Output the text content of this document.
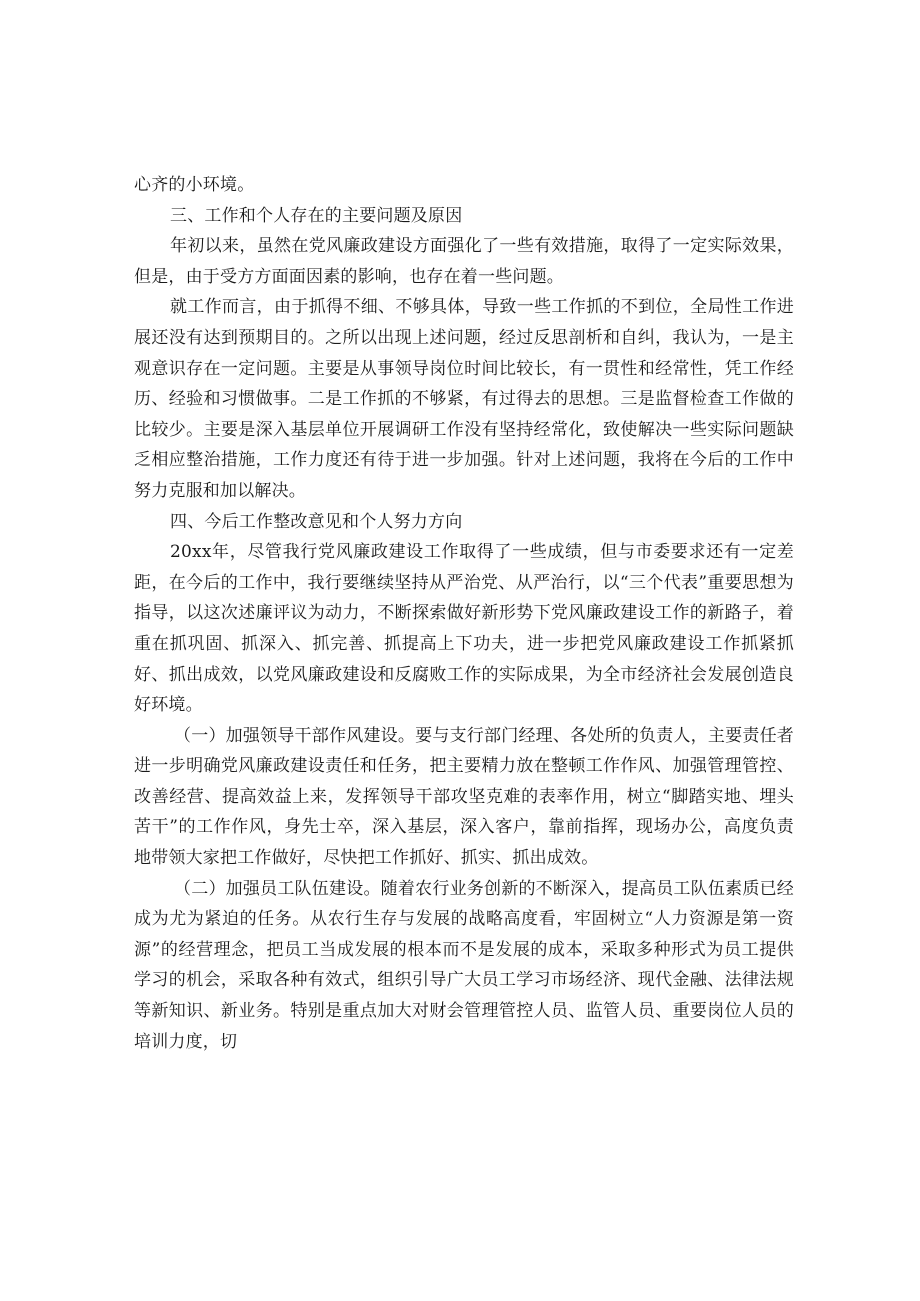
心齐的小环境。

三、工作和个人存在的主要问题及原因

年初以来，虽然在党风廉政建设方面强化了一些有效措施，取得了一定实际效果，但是，由于受方方面面因素的影响，也存在着一些问题。

就工作而言，由于抓得不细、不够具体，导致一些工作抓的不到位，全局性工作进展还没有达到预期目的。之所以出现上述问题，经过反思剖析和自纠，我认为，一是主观意识存在一定问题。主要是从事领导岗位时间比较长，有一贯性和经常性，凭工作经历、经验和习惯做事。二是工作抓的不够紧，有过得去的思想。三是监督检查工作做的比较少。主要是深入基层单位开展调研工作没有坚持经常化，致使解决一些实际问题缺乏相应整治措施，工作力度还有待于进一步加强。针对上述问题，我将在今后的工作中努力克服和加以解决。

四、今后工作整改意见和个人努力方向

20xx年，尽管我行党风廉政建设工作取得了一些成绩，但与市委要求还有一定差距，在今后的工作中，我行要继续坚持从严治党、从严治行，以“三个代表”重要思想为指导，以这次述廉评议为动力，不断探索做好新形势下党风廉政建设工作的新路子，着重在抓巩固、抓深入、抓完善、抓提高上下功夫，进一步把党风廉政建设工作抓紧抓好、抓出成效，以党风廉政建设和反腐败工作的实际成果，为全市经济社会发展创造良好环境。

（一）加强领导干部作风建设。要与支行部门经理、各处所的负责人，主要责任者进一步明确党风廉政建设责任和任务，把主要精力放在整顿工作作风、加强管理管控、改善经营、提高效益上来，发挥领导干部攻坚克难的表率作用，树立“脚踏实地、埋头苦干”的工作作风，身先士卒，深入基层，深入客户，靠前指挥，现场办公，高度负责地带领大家把工作做好，尽快把工作抓好、抓实、抓出成效。

（二）加强员工队伍建设。随着农行业务创新的不断深入，提高员工队伍素质已经成为尤为紧迫的任务。从农行生存与发展的战略高度看，牢固树立“人力资源是第一资源”的经营理念，把员工当成发展的根本而不是发展的成本，采取多种形式为员工提供学习的机会，采取各种有效式，组织引导广大员工学习市场经济、现代金融、法律法规等新知识、新业务。特别是重点加大对财会管理管控人员、监管人员、重要岗位人员的培训力度，切
